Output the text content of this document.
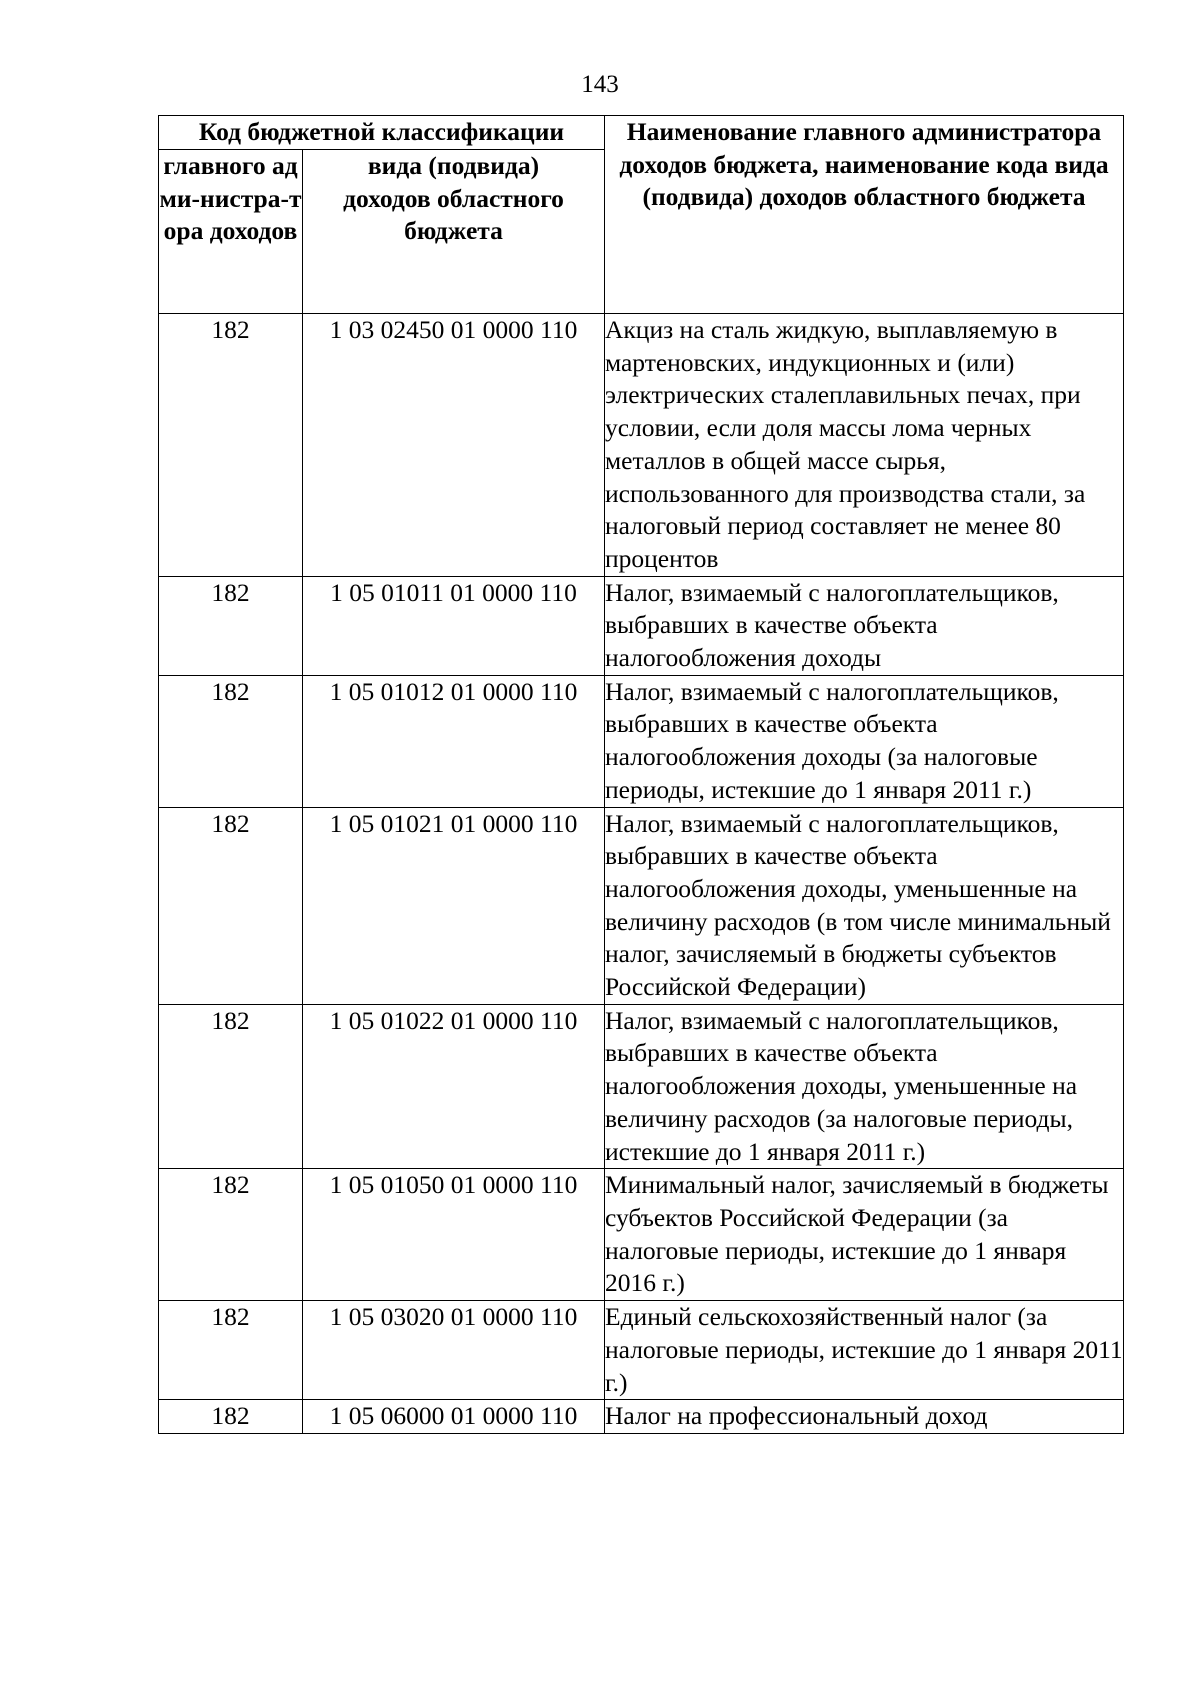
143
Код бюджетной классификации		Наименование главного администратора доходов бюджета, наименование кода вида (подвида) доходов областного бюджета
главного адми-нистра-тора доходов	вида (подвида) доходов областного бюджета	
182	1 03 02450 01 0000 110	Акциз на сталь жидкую, выплавляемую в мартеновских, индукционных и (или) электрических сталеплавильных печах, при условии, если доля массы лома черных металлов в общей массе сырья, использованного для производства стали, за налоговый период составляет не менее 80 процентов
182	1 05 01011 01 0000 110	Налог, взимаемый с налогоплательщиков, выбравших в качестве объекта налогообложения доходы
182	1 05 01012 01 0000 110	Налог, взимаемый с налогоплательщиков, выбравших в качестве объекта налогообложения доходы (за налоговые периоды, истекшие до 1 января 2011 г.)
182	1 05 01021 01 0000 110	Налог, взимаемый с налогоплательщиков, выбравших в качестве объекта налогообложения доходы, уменьшенные на величину расходов (в том числе минимальный налог, зачисляемый в бюджеты субъектов Российской Федерации)
182	1 05 01022 01 0000 110	Налог, взимаемый с налогоплательщиков, выбравших в качестве объекта налогообложения доходы, уменьшенные на величину расходов (за налоговые периоды, истекшие до 1 января 2011 г.)
182	1 05 01050 01 0000 110	Минимальный налог, зачисляемый в бюджеты субъектов Российской Федерации (за налоговые периоды, истекшие до 1 января 2016 г.)
182	1 05 03020 01 0000 110	Единый сельскохозяйственный налог (за налоговые периоды, истекшие до 1 января 2011 г.)
182	1 05 06000 01 0000 110	Налог на профессиональный доход
